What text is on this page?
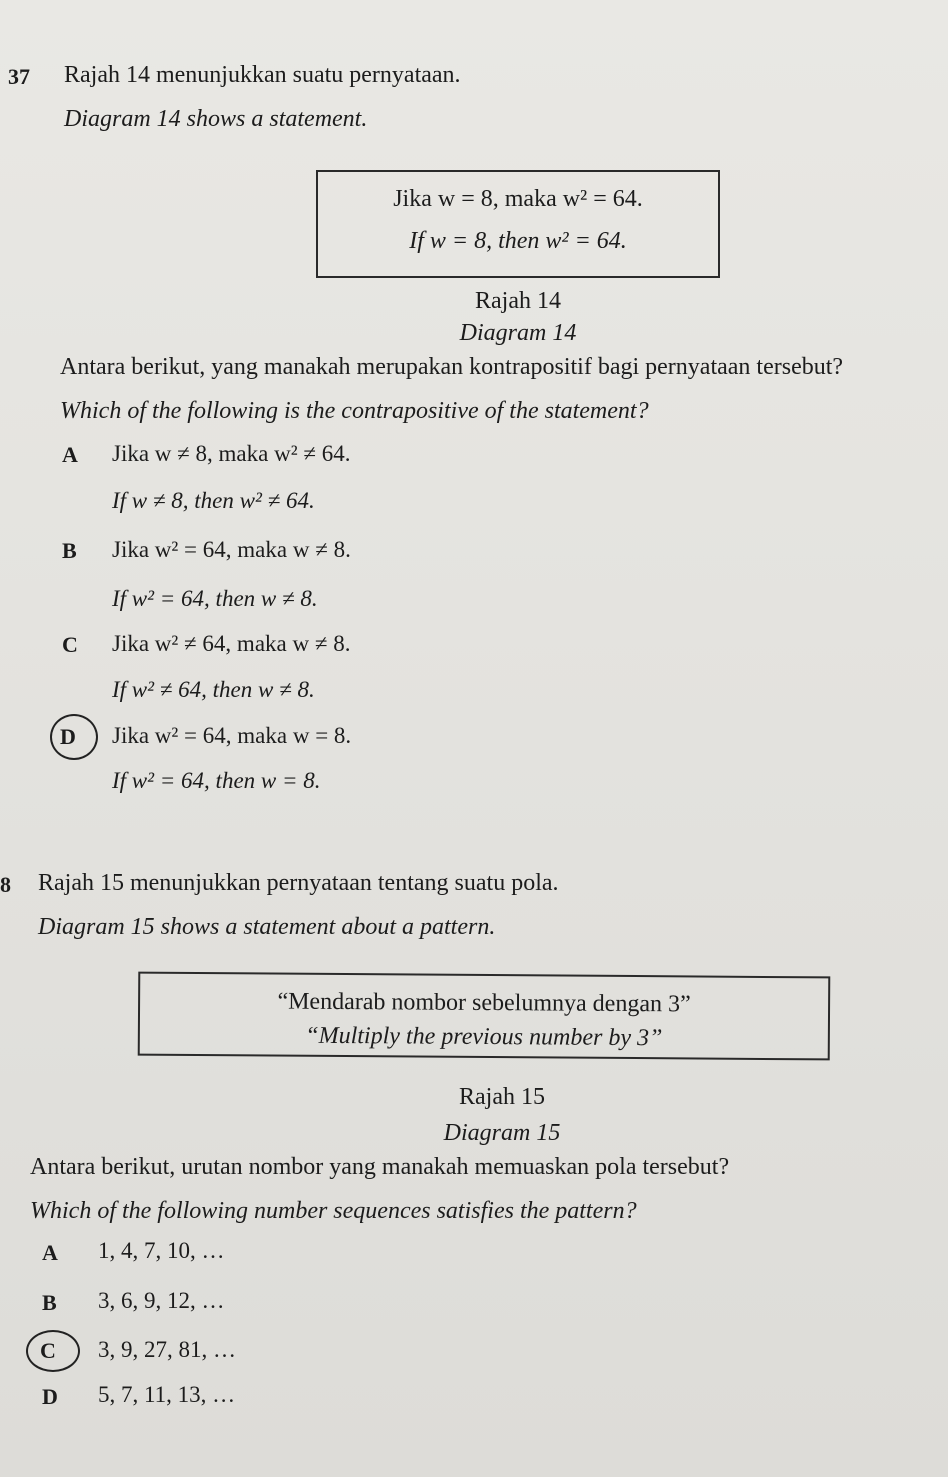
37 Rajah 14 menunjukkan suatu pernyataan.
Diagram 14 shows a statement.
Jika w = 8, maka w² = 64.
If w = 8, then w² = 64.
Rajah 14
Diagram 14
Antara berikut, yang manakah merupakan kontrapositif bagi pernyataan tersebut?
Which of the following is the contrapositive of the statement?
A Jika w ≠ 8, maka w² ≠ 64.
If w ≠ 8, then w² ≠ 64.
B Jika w² = 64, maka w ≠ 8.
If w² = 64, then w ≠ 8.
C Jika w² ≠ 64, maka w ≠ 8.
If w² ≠ 64, then w ≠ 8.
D Jika w² = 64, maka w = 8.
If w² = 64, then w = 8.
8 Rajah 15 menunjukkan pernyataan tentang suatu pola.
Diagram 15 shows a statement about a pattern.
“Mendarab nombor sebelumnya dengan 3”
“Multiply the previous number by 3”
Rajah 15
Diagram 15
Antara berikut, urutan nombor yang manakah memuaskan pola tersebut?
Which of the following number sequences satisfies the pattern?
A 1, 4, 7, 10, …
B 3, 6, 9, 12, …
C 3, 9, 27, 81, …
D 5, 7, 11, 13, …
